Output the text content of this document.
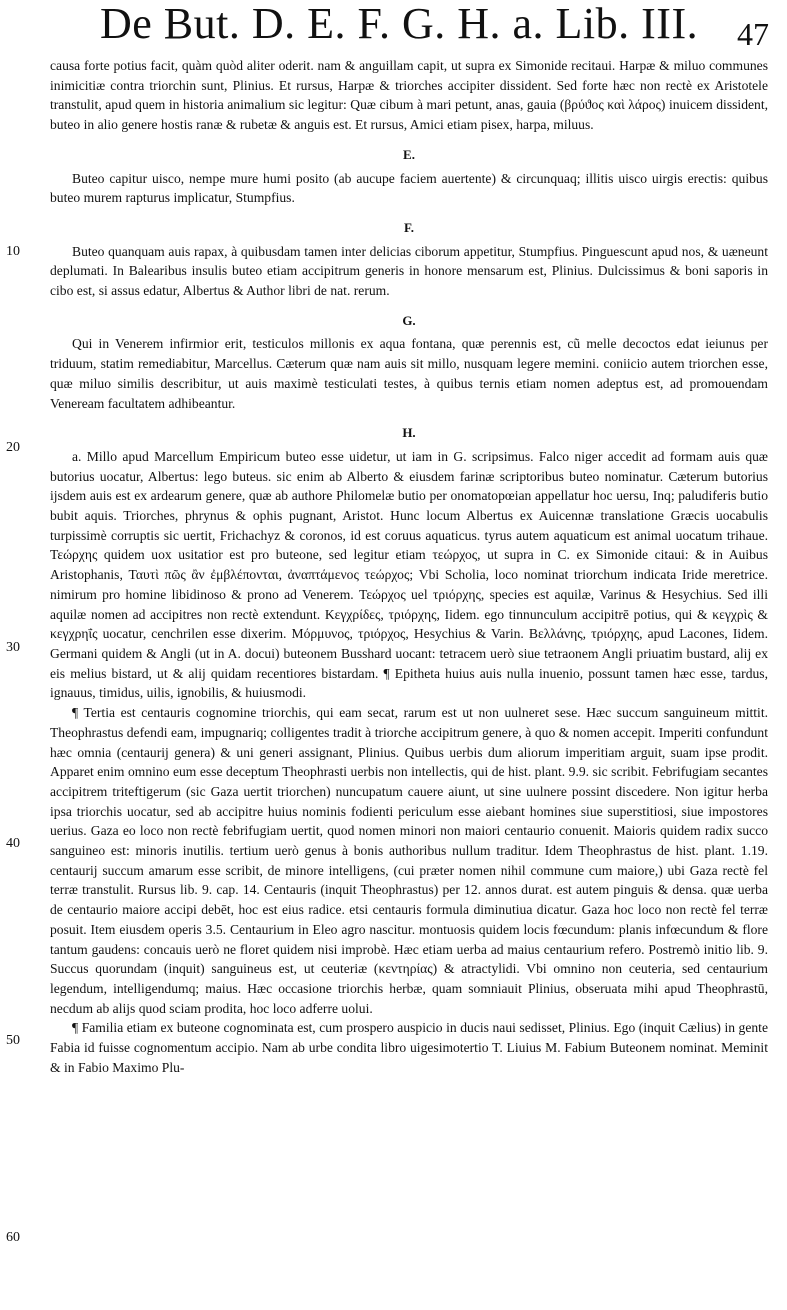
De But. D. E. F. G. H. a. Lib. III. 47
10
20
30
40
50
60

causa forte potius facit, quàm quòd aliter oderit. nam & anguillam capit, ut supra ex Simonide recitaui. Harpæ & miluo communes inimicitiæ contra triorchin sunt, Plinius. Et rursus, Harpæ & triorches accipiter dissident. Sed forte hæc non rectè ex Aristotele transtulit, apud quem in historia animalium sic legitur: Quæ cibum à mari petunt, anas, gauia (βρύϑος καὶ λάρος) inuicem dissident, buteo in alio genere hostis ranæ & rubetæ & anguis est. Et rursus, Amici etiam pisex, harpa, miluus.

E.

Buteo capitur uisco, nempe mure humi posito (ab aucupe faciem auertente) & circunquaq; illitis uisco uirgis erectis: quibus buteo murem rapturus implicatur, Stumpfius.

F.

Buteo quanquam auis rapax, à quibusdam tamen inter delicias ciborum appetitur, Stumpfius. Pinguescunt apud nos, & uæneunt deplumati. In Balearibus insulis buteo etiam accipitrum generis in honore mensarum est, Plinius. Dulcissimus & boni saporis in cibo est, si assus edatur, Albertus & Author libri de nat. rerum.

G.

Qui in Venerem infirmior erit, testiculos millonis ex aqua fontana, quæ perennis est, cũ melle decoctos edat ieiunus per triduum, statim remediabitur, Marcellus. Cæterum quæ nam auis sit millo, nusquam legere memini. coniicio autem triorchen esse, quæ miluo similis describitur, ut auis maximè testiculati testes, à quibus ternis etiam nomen adeptus est, ad promouendam Veneream facultatem adhibeantur.

H.

a. Millo apud Marcellum Empiricum buteo esse uidetur, ut iam in G. scripsimus. Falco niger accedit ad formam auis quæ butorius uocatur, Albertus: lego buteus. sic enim ab Alberto & eiusdem farinæ scriptoribus buteo nominatur. Cæterum butorius ijsdem auis est ex ardearum genere, quæ ab authore Philomelæ butio per onomatopœian appellatur hoc uersu, Inq; paludiferis butio bubit aquis. Triorches, phrynus & ophis pugnant, Aristot. Hunc locum Albertus ex Auicennæ translatione Græcis uocabulis turpissimè corruptis sic uertit, Frichachyz & coronos, id est coruus aquaticus. tyrus autem aquaticum est animal uocatum trihaue. Τεώρχης quidem uox usitatior est pro buteone, sed legitur etiam τεώρχος, ut supra in C. ex Simonide citaui: & in Auibus Aristophanis, Ταυτὶ πῶς ἂν ἐμβλέπονται, ἀναπτάμενος τεώρχος; Vbi Scholia, loco nominat triorchum indicata Iride meretrice. nimirum pro homine libidinoso & prono ad Venerem. Τεώρχος uel τριόρχης, species est aquilæ, Varinus & Hesychius. Sed illi aquilæ nomen ad accipitres non rectè extendunt. Κεγχρίδες, τριόρχης, Iidem. ego tinnunculum accipitrē potius, qui & κεγχρὶς & κεγχρηΐς uocatur, cenchrilen esse dixerim. Μόρμυνος, τριόρχος, Hesychius & Varin. Βελλάνης, τριόρχης, apud Lacones, Iidem. Germani quidem & Angli (ut in A. docui) buteonem Busshard uocant: tetracem uerò siue tetraonem Angli priuatim bustard, alij ex eis melius bistard, ut & alij quidam recentiores bistardam. ¶ Epitheta huius auis nulla inuenio, possunt tamen hæc esse, tardus, ignauus, timidus, uilis, ignobilis, & huiusmodi.

¶ Tertia est centauris cognomine triorchis, qui eam secat, rarum est ut non uulneret sese. Hæc succum sanguineum mittit. Theophrastus defendi eam, impugnariq; colligentes tradit à triorche accipitrum genere, à quo & nomen accepit. Imperiti confundunt hæc omnia (centaurij genera) & uni generi assignant, Plinius. Quibus uerbis dum aliorum imperitiam arguit, suam ipse prodit. Apparet enim omnino eum esse deceptum Theophrasti uerbis non intellectis, qui de hist. plant. 9.9. sic scribit. Febrifugiam secantes accipitrem triteftigerum (sic Gaza uertit triorchen) nuncupatum cauere aiunt, ut sine uulnere possint discedere. Non igitur herba ipsa triorchis uocatur, sed ab accipitre huius nominis fodienti periculum esse aiebant homines siue superstitiosi, siue impostores uerius. Gaza eo loco non rectè febrifugiam uertit, quod nomen minori non maiori centaurio conuenit. Maioris quidem radix succo sanguineo est: minoris inutilis. tertium uerò genus à bonis authoribus nullum traditur. Idem Theophrastus de hist. plant. 1.19. centaurij succum amarum esse scribit, de minore intelligens, (cui præter nomen nihil commune cum maiore,) ubi Gaza rectè fel terræ transtulit. Rursus lib. 9. cap. 14. Centauris (inquit Theophrastus) per 12. annos durat. est autem pinguis & densa. quæ uerba de centaurio maiore accipi debēt, hoc est eius radice. etsi centauris formula diminutiua dicatur. Gaza hoc loco non rectè fel terræ posuit. Item eiusdem operis 3.5. Centaurium in Eleo agro nascitur. montuosis quidem locis fœcundum: planis infœcundum & flore tantum gaudens: concauis uerò ne floret quidem nisi improbè. Hæc etiam uerba ad maius centaurium refero. Postremò initio lib. 9. Succus quorundam (inquit) sanguineus est, ut ceuteriæ (κεντηρίας) & atractylidi. Vbi omnino non ceuteria, sed centaurium legendum, intelligendumq; maius. Hæc occasione triorchis herbæ, quam somniauit Plinius, obseruata mihi apud Theophrastū, necdum ab alijs quod sciam prodita, hoc loco adferre uolui.

¶ Familia etiam ex buteone cognominata est, cum prospero auspicio in ducis naui sedisset, Plinius. Ego (inquit Cælius) in gente Fabia id fuisse cognomentum accipio. Nam ab urbe condita libro uigesimotertio T. Liuius M. Fabium Buteonem nominat. Meminit & in Fabio Maximo Plu-
